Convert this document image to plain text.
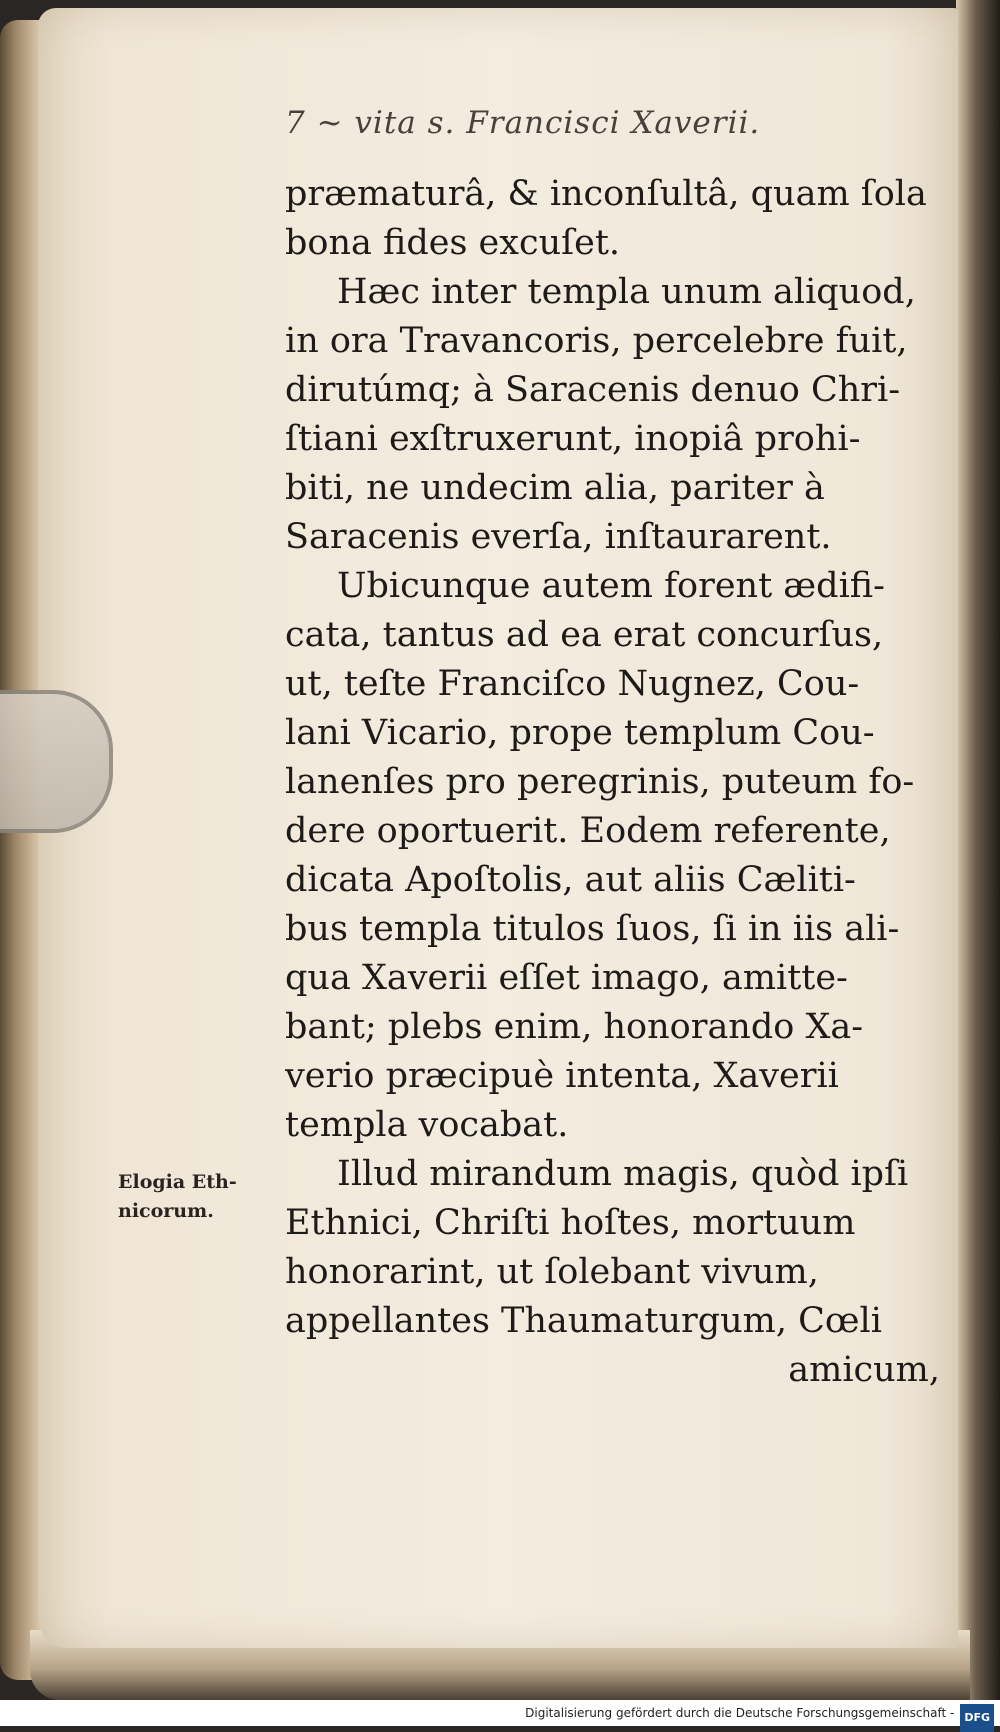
7 ~ vita s. Francisci Xaverii.
præmaturâ, & inconſultâ, quam ſola
bona fides excuſet.
Hæc inter templa unum aliquod,
in ora Travancoris, percelebre fuit,
dirutúmq; à Saracenis denuo Chri-
ſtiani exſtruxerunt, inopiâ prohi-
biti, ne undecim alia, pariter à
Saracenis everſa, inſtaurarent.
Ubicunque autem forent ædifi-
cata, tantus ad ea erat concurſus,
ut, teſte Franciſco Nugnez, Cou-
lani Vicario, prope templum Cou-
lanenſes pro peregrinis, puteum fo-
dere oportuerit. Eodem referente,
dicata Apoſtolis, aut aliis Cæliti-
bus templa titulos ſuos, ſi in iis ali-
qua Xaverii eſſet imago, amitte-
bant; plebs enim, honorando Xa-
verio præcipuè intenta, Xaverii
templa vocabat.
Illud mirandum magis, quòd ipſi
Ethnici, Chriſti hoſtes, mortuum
honorarint, ut ſolebant vivum,
appellantes Thaumaturgum, Cœli
amicum,
Elogia Eth-
nicorum.
Digitalisierung gefördert durch die Deutsche Forschungsgemeinschaft - DFG
